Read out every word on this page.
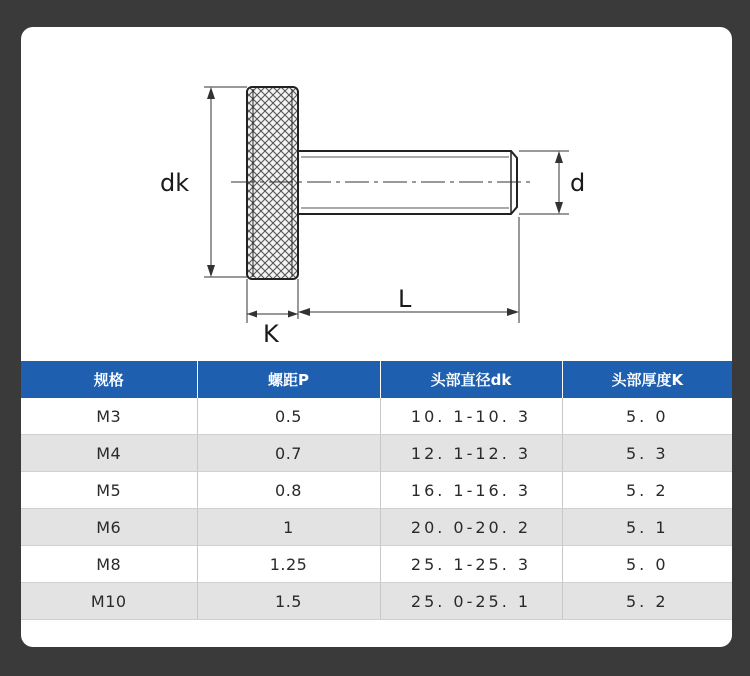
dk	d
L
K
规格	螺距P	头部直径dk	头部厚度K
M3	0.5	10. 1-10. 3	5. 0
M4	0.7	12. 1-12. 3	5. 3
M5	0.8	16. 1-16. 3	5. 2
M6	1	20. 0-20. 2	5. 1
M8	1.25	25. 1-25. 3	5. 0
M10	1.5	25. 0-25. 1	5. 2
